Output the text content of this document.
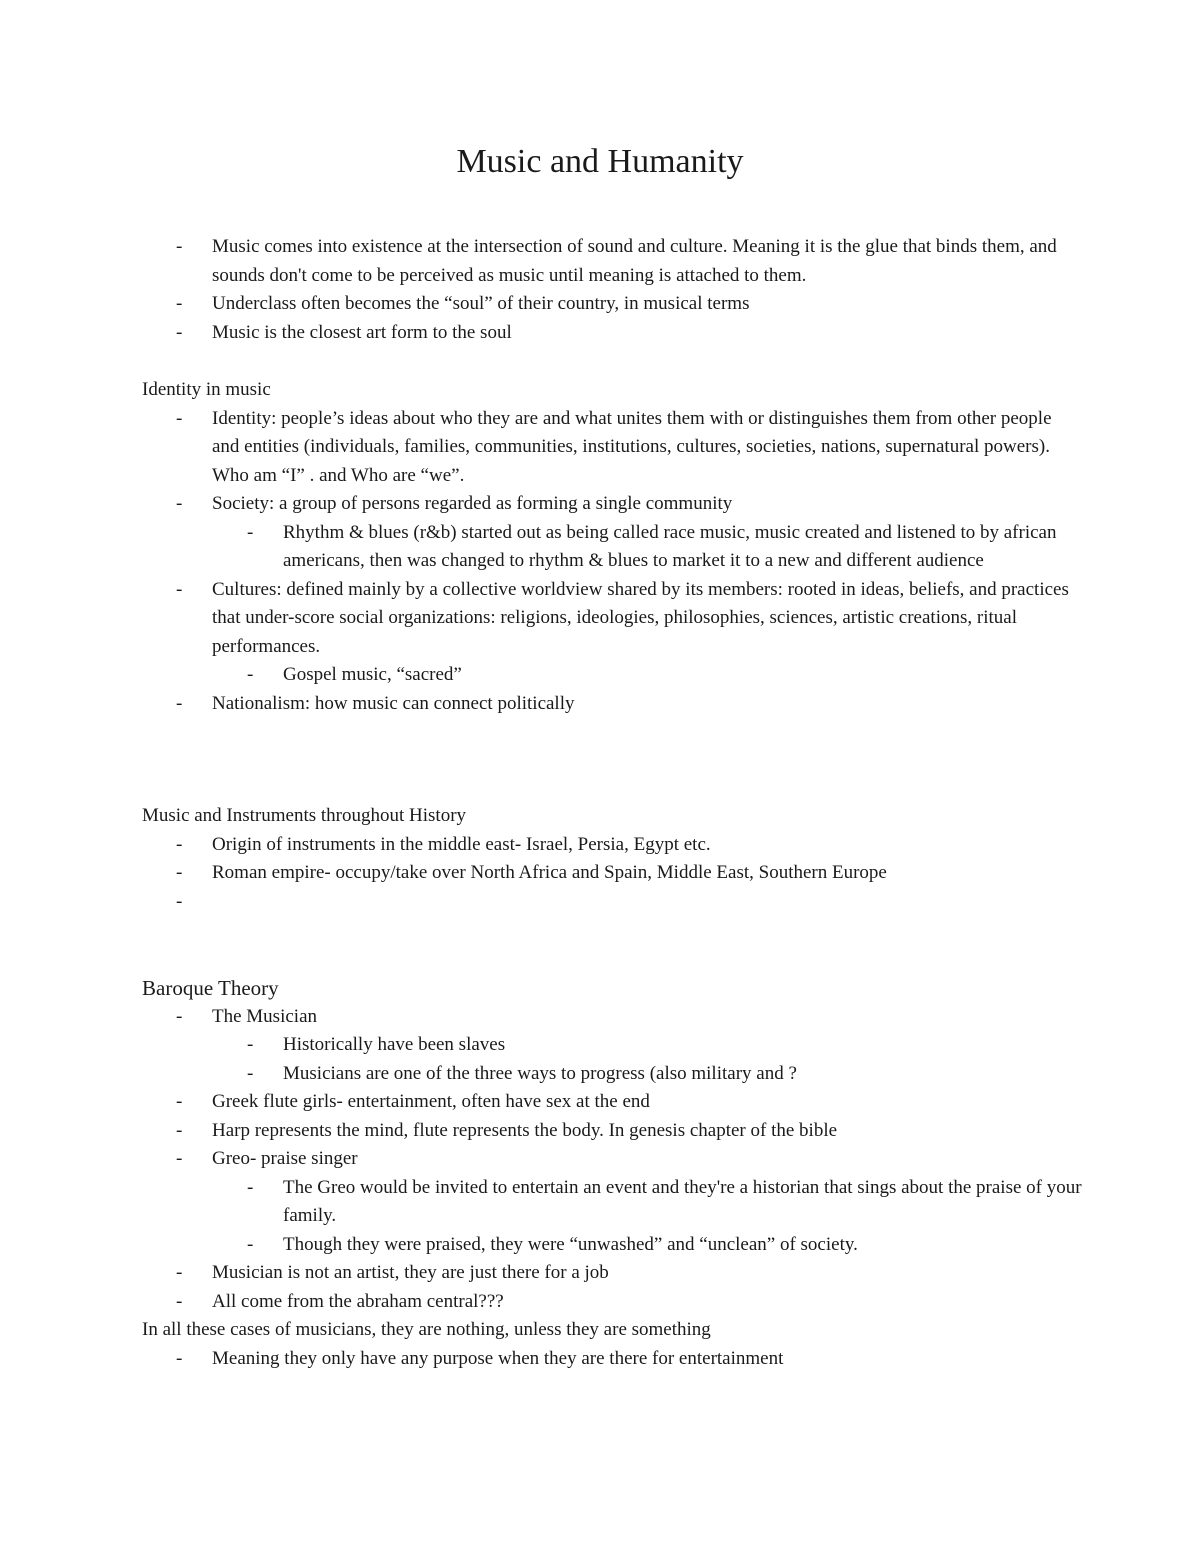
Music and Humanity
- Music comes into existence at the intersection of sound and culture. Meaning it is the glue that binds them, and sounds don't come to be perceived as music until meaning is attached to them.
- Underclass often becomes the “soul” of their country, in musical terms
- Music is the closest art form to the soul

Identity in music

- Identity: people’s ideas about who they are and what unites them with or distinguishes them from other people and entities (individuals, families, communities, institutions, cultures, societies, nations, supernatural powers). Who am “I” . and Who are “we”.
- Society: a group of persons regarded as forming a single community
- Rhythm & blues (r&b) started out as being called race music, music created and listened to by african americans, then was changed to rhythm & blues to market it to a new and different audience
- Cultures: defined mainly by a collective worldview shared by its members: rooted in ideas, beliefs, and practices that under-score social organizations: religions, ideologies, philosophies, sciences, artistic creations, ritual performances.
- Gospel music, “sacred”
- Nationalism: how music can connect politically

Music and Instruments throughout History

- Origin of instruments in the middle east- Israel, Persia, Egypt etc.
- Roman empire- occupy/take over North Africa and Spain, Middle East, Southern Europe
-

Baroque Theory

- The Musician
- Historically have been slaves
- Musicians are one of the three ways to progress (also military and ?
- Greek flute girls- entertainment, often have sex at the end
- Harp represents the mind, flute represents the body. In genesis chapter of the bible
- Greo- praise singer
- The Greo would be invited to entertain an event and they're a historian that sings about the praise of your family.
- Though they were praised, they were “unwashed” and “unclean” of society.
- Musician is not an artist, they are just there for a job
- All come from the abraham central???

In all these cases of musicians, they are nothing, unless they are something

- Meaning they only have any purpose when they are there for entertainment
